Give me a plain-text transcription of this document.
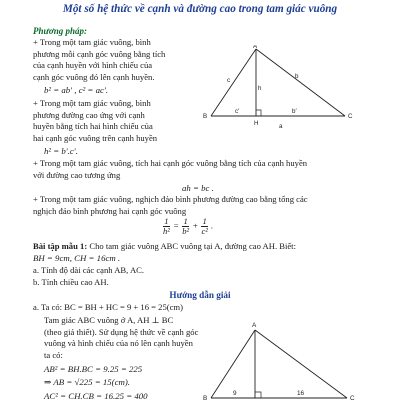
Một số hệ thức về cạnh và đường cao trong tam giác vuông
Phương pháp:
+ Trong một tam giác vuông, bình
phương mỗi cạnh góc vuông bằng tích
của cạnh huyền với hình chiếu của
cạnh góc vuông đó lên cạnh huyền.
b² = ab′ , c² = ac′.
+ Trong một tam giác vuông, bình
phương đường cao ứng với cạnh
huyền bằng tích hai hình chiếu của
hai cạnh góc vuông trên cạnh huyền
h² = b′.c′.
+ Trong một tam giác vuông, tích hai cạnh góc vuông bằng tích của cạnh huyền
với đường cao tương ứng
ah = bc .
+ Trong một tam giác vuông, nghịch đảo bình phương đường cao bằng tổng các
nghịch đảo bình phương hai cạnh góc vuông
$\frac{1}{\text{h²}} = \frac{1}{\text{b²}} + \frac{1}{\text{c²}}$ .
Bài tập mẫu 1: Cho tam giác vuông ABC vuông tại A, đường cao AH. Biết:
BH = 9cm, CH = 16cm .
a. Tính độ dài các cạnh AB, AC.
b. Tính chiều cao AH.
Hướng dẫn giải
a. Ta có: BC = BH + HC = 9 + 16 = 25(cm)
Tam giác ABC vuông ở A, AH ⊥ BC
(theo giả thiết). Sử dụng hệ thức về cạnh góc
vuông và hình chiếu của nó lên cạnh huyền
ta có:
AB² = BH.BC = 9.25 = 225
⇒ AB = √225 = 15(cm).
AC² = CH.CB = 16.25 = 400
A
B	C
H
c
b
a
c′	b′
h
A
B	C
9	16
